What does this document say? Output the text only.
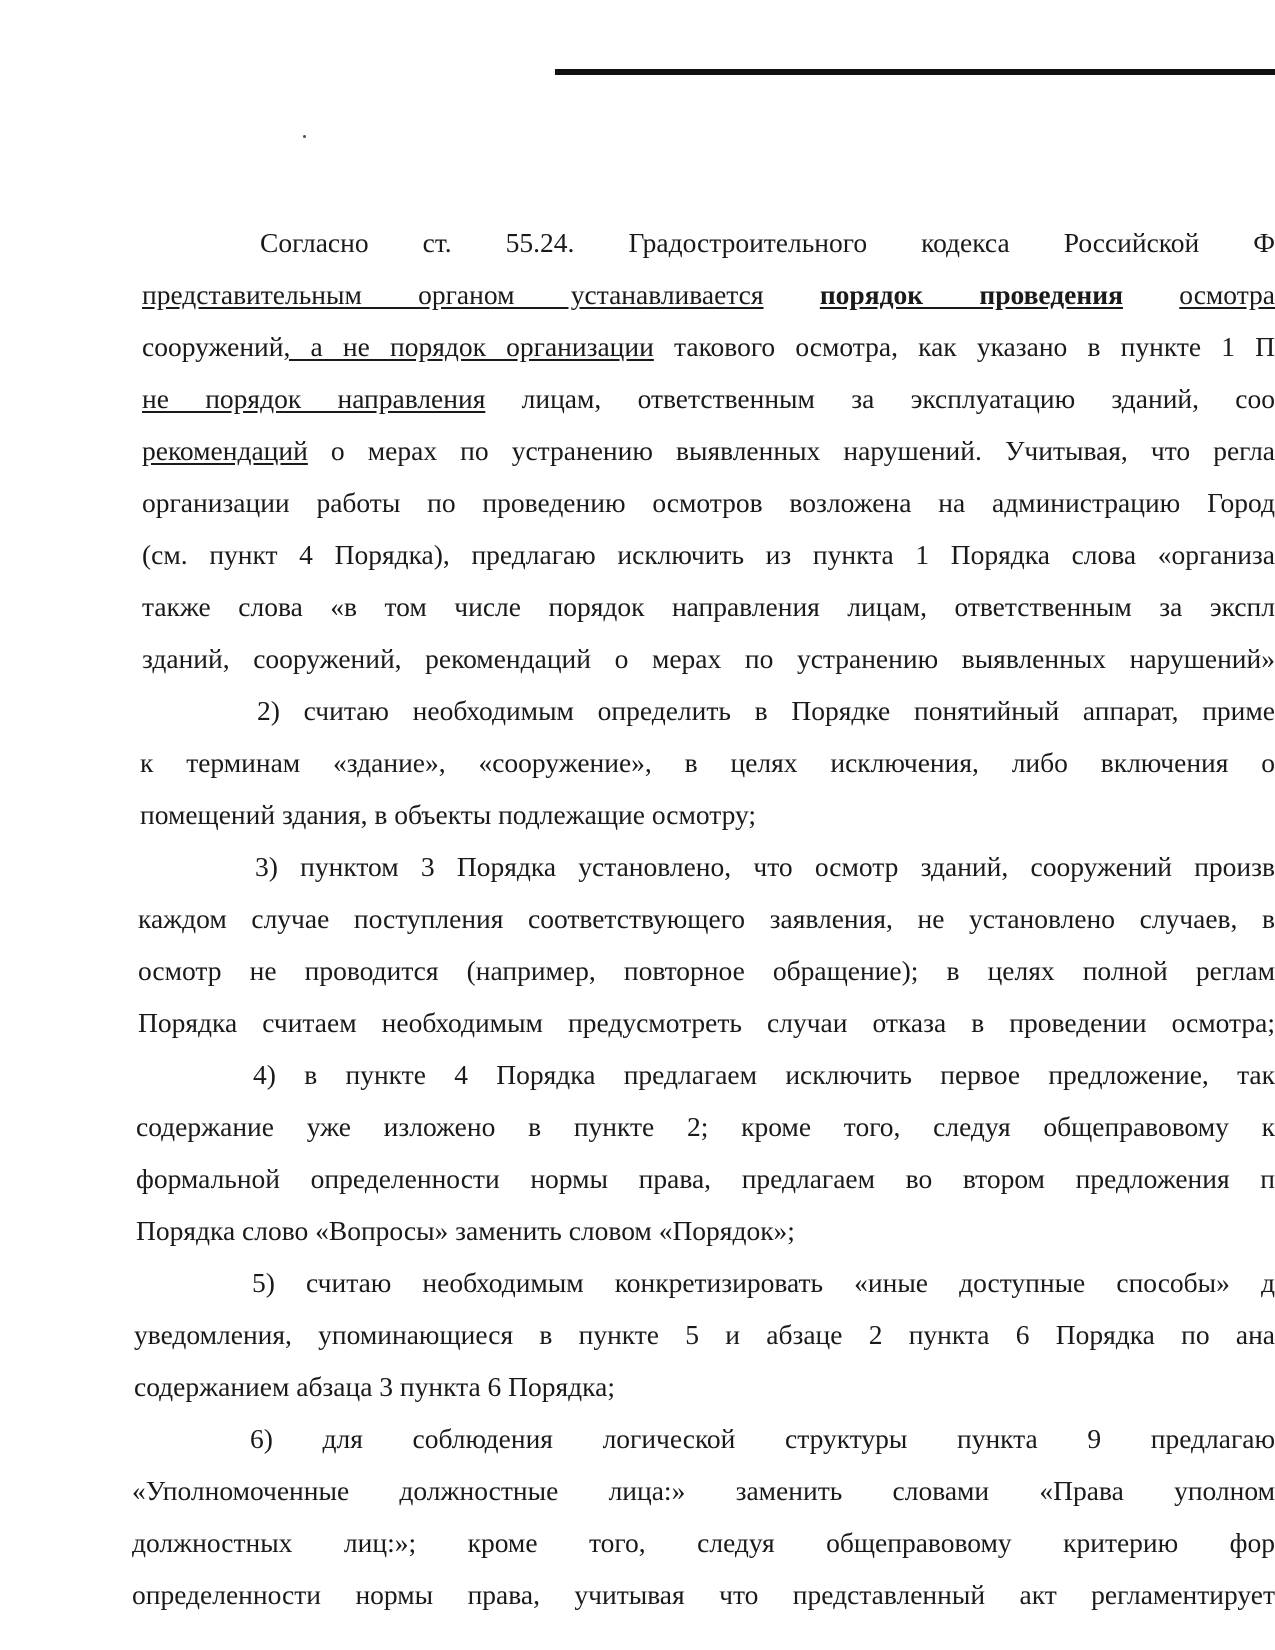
Согласно ст. 55.24. Градостроительного кодекса Российской Ф
представительным органом устанавливается порядок проведения осмотра
сооружений, а не порядок организации такового осмотра, как указано в пункте 1 П
не порядок направления лицам, ответственным за эксплуатацию зданий, соо
рекомендаций о мерах по устранению выявленных нарушений. Учитывая, что регла
организации работы по проведению осмотров возложена на администрацию Город
(см. пункт 4 Порядка), предлагаю исключить из пункта 1 Порядка слова «организа
также слова «в том числе порядок направления лицам, ответственным за экспл
зданий, сооружений, рекомендаций о мерах по устранению выявленных нарушений»
2) считаю необходимым определить в Порядке понятийный аппарат, приме
к терминам «здание», «сооружение», в целях исключения, либо включения о
помещений здания, в объекты подлежащие осмотру;
3) пунктом 3 Порядка установлено, что осмотр зданий, сооружений произв
каждом случае поступления соответствующего заявления, не установлено случаев, в
осмотр не проводится (например, повторное обращение); в целях полной реглам
Порядка считаем необходимым предусмотреть случаи отказа в проведении осмотра;
4) в пункте 4 Порядка предлагаем исключить первое предложение, так
содержание уже изложено в пункте 2; кроме того, следуя общеправовому к
формальной определенности нормы права, предлагаем во втором предложения п
Порядка слово «Вопросы» заменить словом «Порядок»;
5) считаю необходимым конкретизировать «иные доступные способы» д
уведомления, упоминающиеся в пункте 5 и абзаце 2 пункта 6 Порядка по ана
содержанием абзаца 3 пункта 6 Порядка;
6) для соблюдения логической структуры пункта 9 предлагаю
«Уполномоченные должностные лица:» заменить словами «Права уполном
должностных лиц:»; кроме того, следуя общеправовому критерию фор
определенности нормы права, учитывая что представленный акт регламентирует
